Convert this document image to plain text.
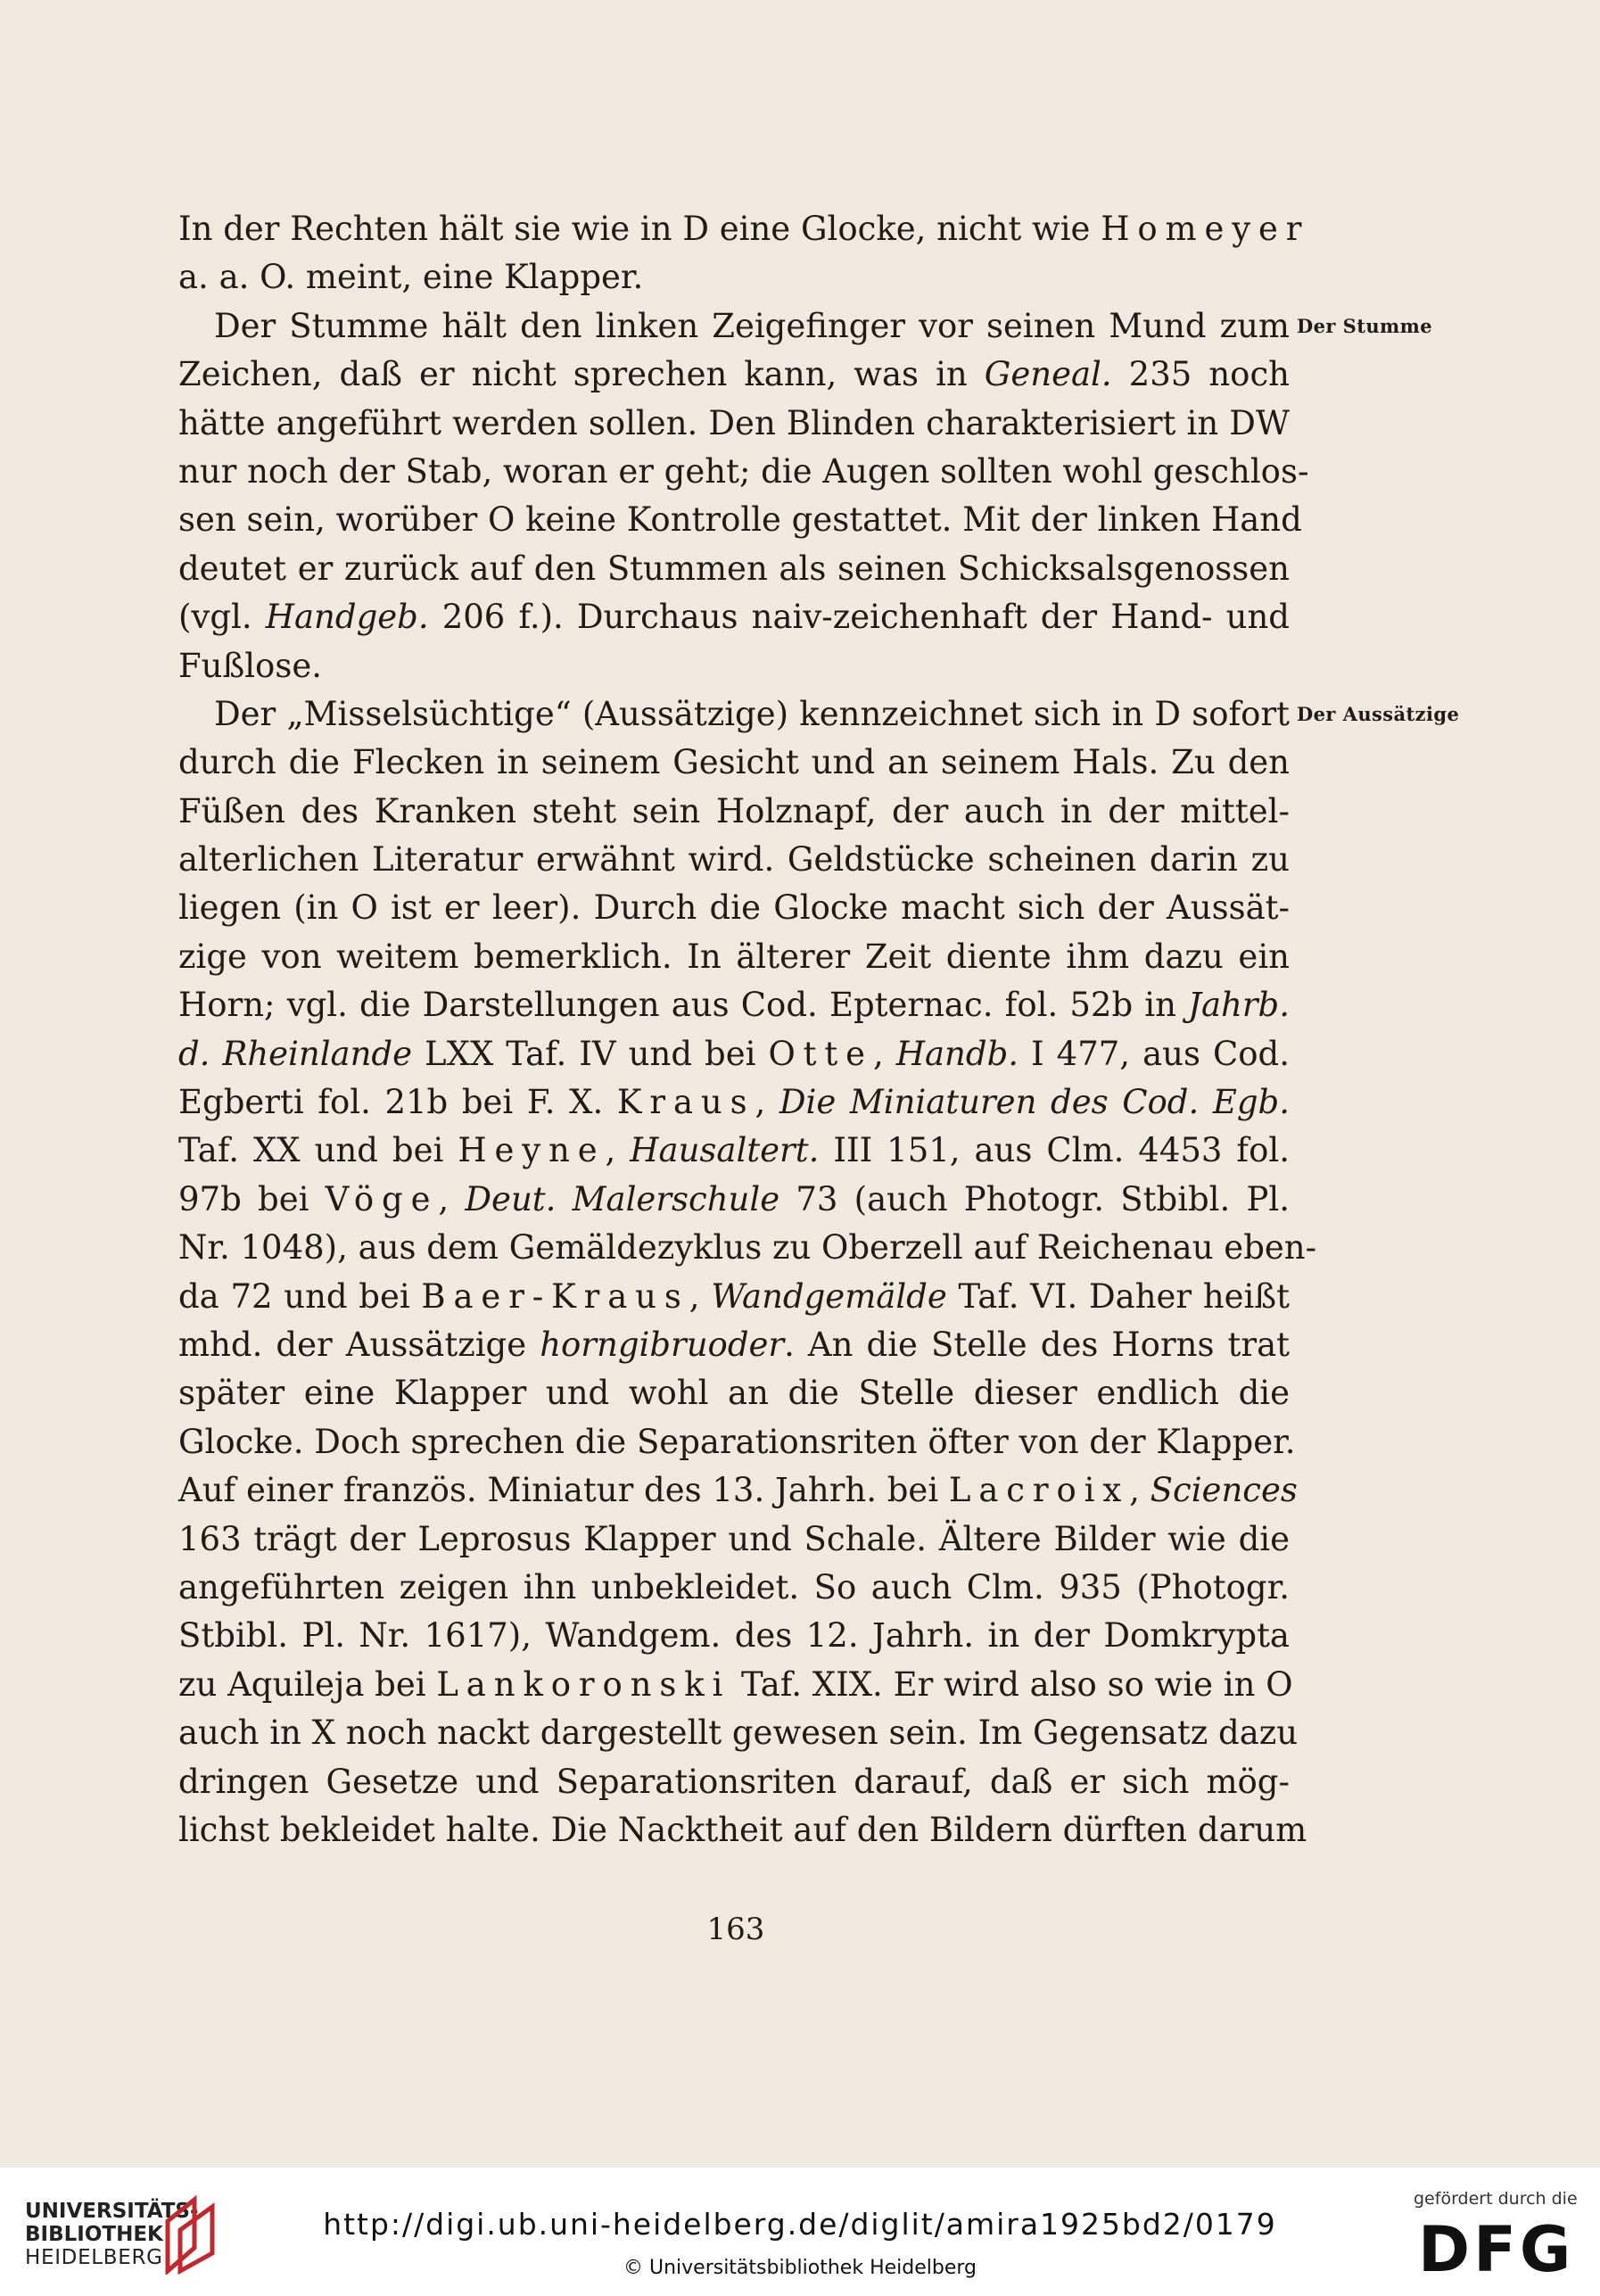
In der Rechten hält sie wie in D eine Glocke, nicht wie Homeyer
a. a. O. meint, eine Klapper.
Der Stumme hält den linken Zeigefinger vor seinen Mund zum
Zeichen, daß er nicht sprechen kann, was in Geneal. 235 noch
hätte angeführt werden sollen. Den Blinden charakterisiert in DW
nur noch der Stab, woran er geht; die Augen sollten wohl geschlos-
sen sein, worüber O keine Kontrolle gestattet. Mit der linken Hand
deutet er zurück auf den Stummen als seinen Schicksalsgenossen
(vgl. Handgeb. 206 f.). Durchaus naiv-zeichenhaft der Hand- und
Fußlose.
Der „Misselsüchtige“ (Aussätzige) kennzeichnet sich in D sofort
durch die Flecken in seinem Gesicht und an seinem Hals. Zu den
Füßen des Kranken steht sein Holznapf, der auch in der mittel-
alterlichen Literatur erwähnt wird. Geldstücke scheinen darin zu
liegen (in O ist er leer). Durch die Glocke macht sich der Aussät-
zige von weitem bemerklich. In älterer Zeit diente ihm dazu ein
Horn; vgl. die Darstellungen aus Cod. Epternac. fol. 52b in Jahrb.
d. Rheinlande LXX Taf. IV und bei Otte, Handb. I 477, aus Cod.
Egberti fol. 21b bei F. X. Kraus, Die Miniaturen des Cod. Egb.
Taf. XX und bei Heyne, Hausaltert. III 151, aus Clm. 4453 fol.
97b bei Vöge, Deut. Malerschule 73 (auch Photogr. Stbibl. Pl.
Nr. 1048), aus dem Gemäldezyklus zu Oberzell auf Reichenau eben-
da 72 und bei Baer-Kraus, Wandgemälde Taf. VI. Daher heißt
mhd. der Aussätzige horngibruoder. An die Stelle des Horns trat
später eine Klapper und wohl an die Stelle dieser endlich die
Glocke. Doch sprechen die Separationsriten öfter von der Klapper.
Auf einer französ. Miniatur des 13. Jahrh. bei Lacroix, Sciences
163 trägt der Leprosus Klapper und Schale. Ältere Bilder wie die
angeführten zeigen ihn unbekleidet. So auch Clm. 935 (Photogr.
Stbibl. Pl. Nr. 1617), Wandgem. des 12. Jahrh. in der Domkrypta
zu Aquileja bei Lankoronski Taf. XIX. Er wird also so wie in O
auch in X noch nackt dargestellt gewesen sein. Im Gegensatz dazu
dringen Gesetze und Separationsriten darauf, daß er sich mög-
lichst bekleidet halte. Die Nacktheit auf den Bildern dürften darum
Der Stumme
Der Aussätzige
163
UNIVERSITÄTS-
BIBLIOTHEK
HEIDELBERG
http://digi.ub.uni-heidelberg.de/diglit/amira1925bd2/0179
© Universitätsbibliothek Heidelberg
gefördert durch die
DFG
